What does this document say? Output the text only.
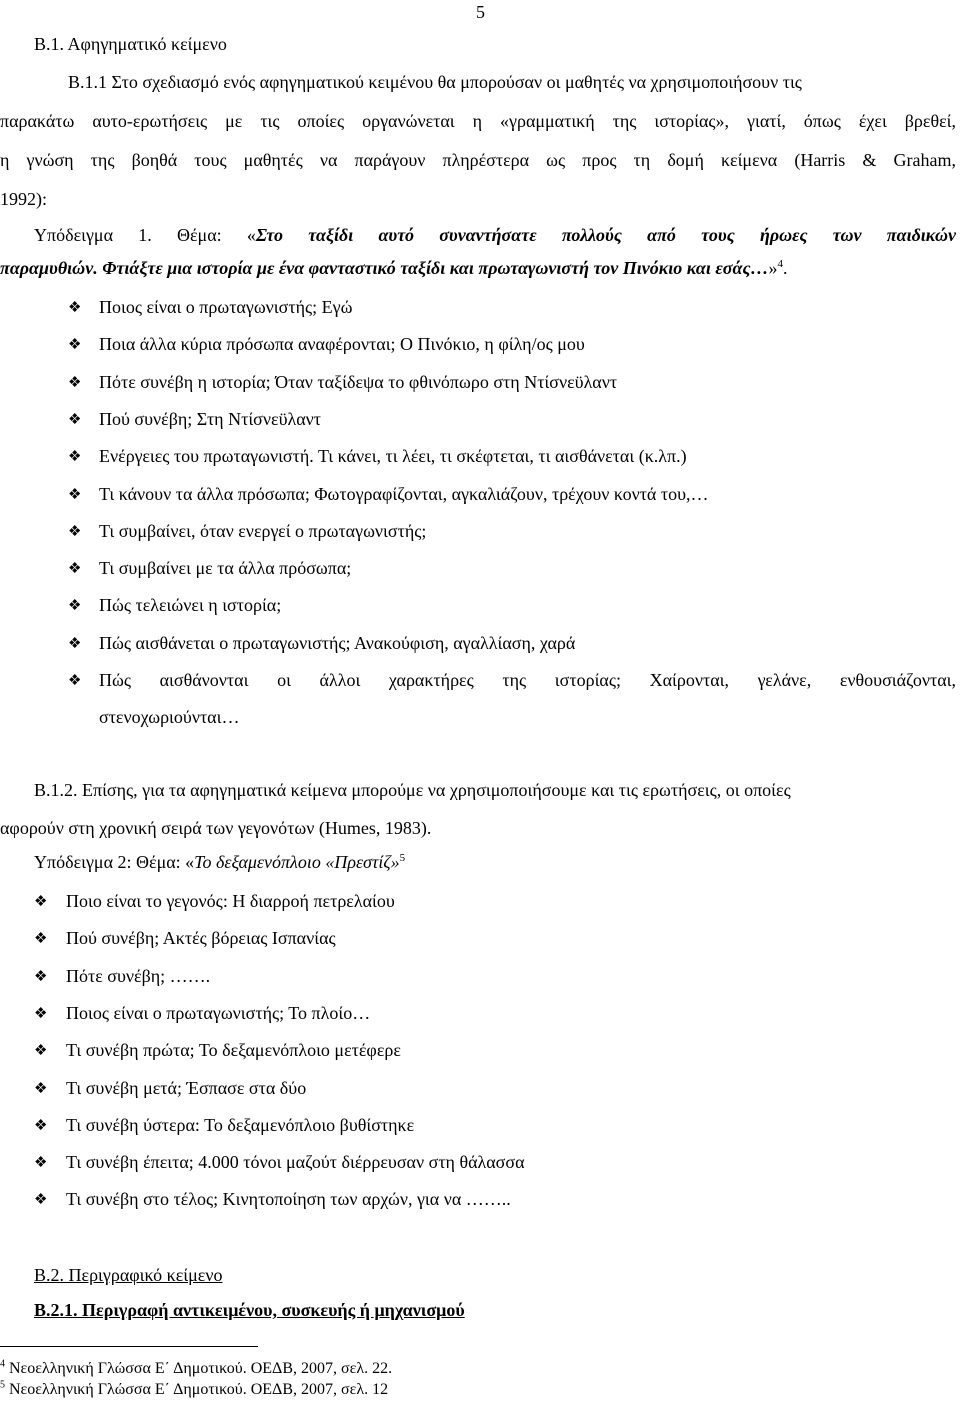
5
Β.1. Αφηγηματικό κείμενο
Β.1.1 Στο σχεδιασμό ενός αφηγηματικού κειμένου θα μπορούσαν οι μαθητές να χρησιμοποιήσουν τις
παρακάτω αυτο-ερωτήσεις με τις οποίες οργανώνεται η «γραμματική της ιστορίας», γιατί, όπως έχει βρεθεί,
η γνώση της βοηθά τους μαθητές να παράγουν πληρέστερα ως προς τη δομή κείμενα (Harris & Graham,
1992):
Υπόδειγμα 1. Θέμα: «Στο ταξίδι αυτό συναντήσατε πολλούς από τους ήρωες των παιδικών
παραμυθιών. Φτιάξτε μια ιστορία με ένα φανταστικό ταξίδι και πρωταγωνιστή τον Πινόκιο και εσάς…»$^4$.
❖ Ποιος είναι ο πρωταγωνιστής; Εγώ
❖ Ποια άλλα κύρια πρόσωπα αναφέρονται; Ο Πινόκιο, η φίλη/ος μου
❖ Πότε συνέβη η ιστορία; Όταν ταξίδεψα το φθινόπωρο στη Ντίσνεϋλαντ
❖ Πού συνέβη; Στη Ντίσνεϋλαντ
❖ Ενέργειες του πρωταγωνιστή. Τι κάνει, τι λέει, τι σκέφτεται, τι αισθάνεται (κ.λπ.)
❖ Τι κάνουν τα άλλα πρόσωπα; Φωτογραφίζονται, αγκαλιάζουν, τρέχουν κοντά του,…
❖ Τι συμβαίνει, όταν ενεργεί ο πρωταγωνιστής;
❖ Τι συμβαίνει με τα άλλα πρόσωπα;
❖ Πώς τελειώνει η ιστορία;
❖ Πώς αισθάνεται ο πρωταγωνιστής; Ανακούφιση, αγαλλίαση, χαρά
❖ Πώς αισθάνονται οι άλλοι χαρακτήρες της ιστορίας; Χαίρονται, γελάνε, ενθουσιάζονται,
στενοχωριούνται…
Β.1.2. Επίσης, για τα αφηγηματικά κείμενα μπορούμε να χρησιμοποιήσουμε και τις ερωτήσεις, οι οποίες
αφορούν στη χρονική σειρά των γεγονότων (Humes, 1983).
Υπόδειγμα 2: Θέμα: «Το δεξαμενόπλοιο «Πρεστίζ»$^5$
❖ Ποιο είναι το γεγονός: Η διαρροή πετρελαίου
❖ Πού συνέβη; Ακτές βόρειας Ισπανίας
❖ Πότε συνέβη; …….
❖ Ποιος είναι ο πρωταγωνιστής; Το πλοίο…
❖ Τι συνέβη πρώτα; Το δεξαμενόπλοιο μετέφερε
❖ Τι συνέβη μετά; Έσπασε στα δύο
❖ Τι συνέβη ύστερα: Το δεξαμενόπλοιο βυθίστηκε
❖ Τι συνέβη έπειτα; 4.000 τόνοι μαζούτ διέρρευσαν στη θάλασσα
❖ Τι συνέβη στο τέλος; Κινητοποίηση των αρχών, για να ……..
Β.2. Περιγραφικό κείμενο
Β.2.1. Περιγραφή αντικειμένου, συσκευής ή μηχανισμού
$^4$ Νεοελληνική Γλώσσα Ε΄ Δημοτικού. ΟΕΔΒ, 2007, σελ. 22.
$^5$ Νεοελληνική Γλώσσα Ε΄ Δημοτικού. ΟΕΔΒ, 2007, σελ. 12
